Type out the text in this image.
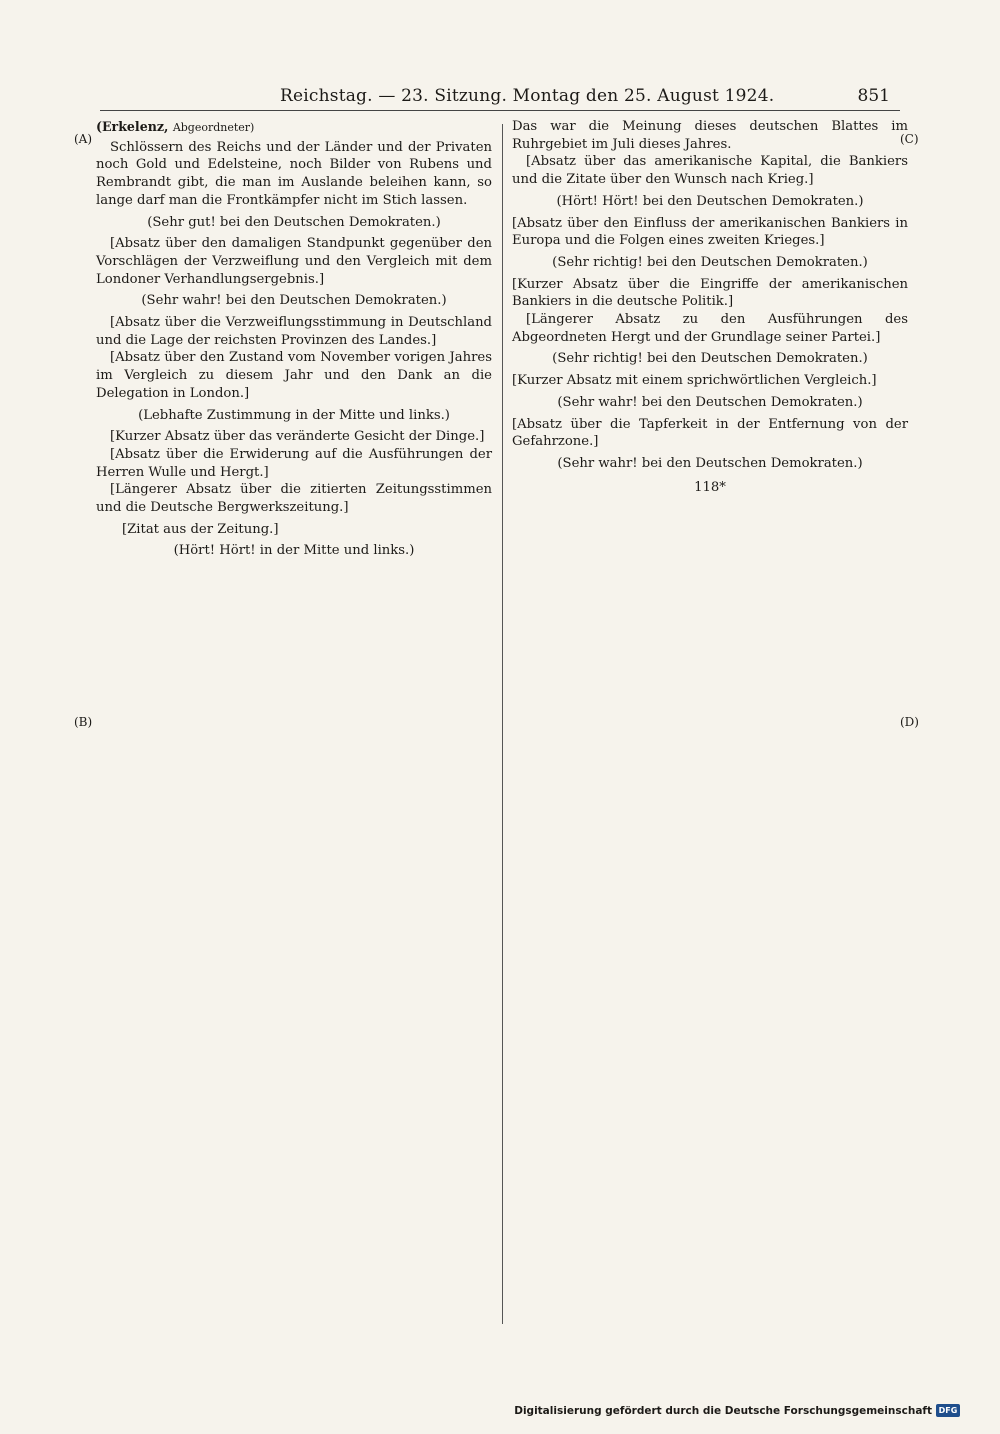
Reichstag. — 23. Sitzung. Montag den 25. August 1924.	851
(A)
(B)
(C)
(D)
(Erkelenz, Abgeordneter)

Schlössern des Reichs und der Länder und der Privaten noch Gold und Edelsteine, noch Bilder von Rubens und Rembrandt gibt, die man im Auslande beleihen kann, so lange darf man die Frontkämpfer nicht im Stich lassen.

(Sehr gut! bei den Deutschen Demokraten.)

[Absatz über den damaligen Standpunkt gegenüber den Vorschlägen der Verzweiflung und den Vergleich mit dem Londoner Verhandlungsergebnis.]

(Sehr wahr! bei den Deutschen Demokraten.)

[Absatz über die Verzweiflungsstimmung in Deutschland und die Lage der reichsten Provinzen des Landes.]

[Absatz über den Zustand vom November vorigen Jahres im Vergleich zu diesem Jahr und den Dank an die Delegation in London.]

(Lebhafte Zustimmung in der Mitte und links.)

[Kurzer Absatz über das veränderte Gesicht der Dinge.]

[Absatz über die Erwiderung auf die Ausführungen der Herren Wulle und Hergt.]

[Längerer Absatz über die zitierten Zeitungsstimmen und die Deutsche Bergwerkszeitung.]

[Zitat aus der Zeitung.]

(Hört! Hört! in der Mitte und links.)

Das war die Meinung dieses deutschen Blattes im Ruhrgebiet im Juli dieses Jahres.

[Absatz über das amerikanische Kapital, die Bankiers und die Zitate über den Wunsch nach Krieg.]

(Hört! Hört! bei den Deutschen Demokraten.)

[Absatz über den Einfluss der amerikanischen Bankiers in Europa und die Folgen eines zweiten Krieges.]

(Sehr richtig! bei den Deutschen Demokraten.)

[Kurzer Absatz über die Eingriffe der amerikanischen Bankiers in die deutsche Politik.]

[Längerer Absatz zu den Ausführungen des Abgeordneten Hergt und der Grundlage seiner Partei.]

(Sehr richtig! bei den Deutschen Demokraten.)

[Kurzer Absatz mit einem sprichwörtlichen Vergleich.]

(Sehr wahr! bei den Deutschen Demokraten.)

[Absatz über die Tapferkeit in der Entfernung von der Gefahrzone.]

(Sehr wahr! bei den Deutschen Demokraten.)

118*

Digitalisierung gefördert durch die Deutsche Forschungsgemeinschaft DFG
